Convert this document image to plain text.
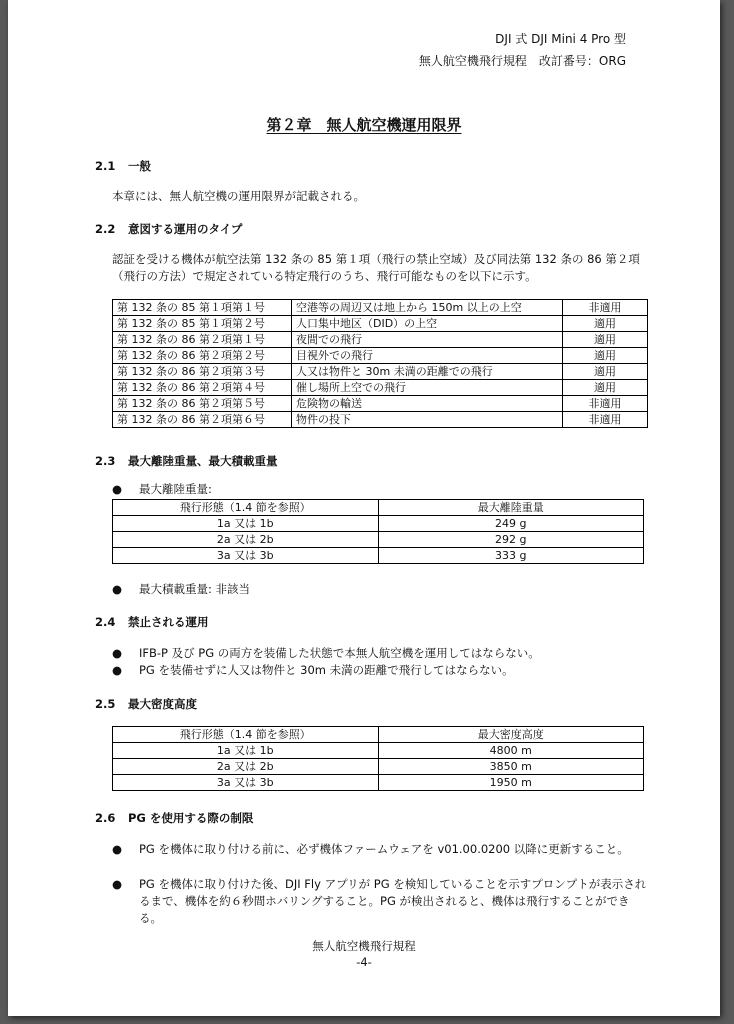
DJI 式 DJI Mini 4 Pro 型
無人航空機飛行規程　改訂番号：ORG
第２章　無人航空機運用限界
2.1 一般
本章には、無人航空機の運用限界が記載される。
2.2 意図する運用のタイプ
認証を受ける機体が航空法第 132 条の 85 第１項（飛行の禁止空域）及び同法第 132 条の 86 第２項（飛行の方法）で規定されている特定飛行のうち、飛行可能なものを以下に示す。
第 132 条の 85 第１項第１号	空港等の周辺又は地上から 150m 以上の上空	非適用
第 132 条の 85 第１項第２号	人口集中地区（DID）の上空	適用
第 132 条の 86 第２項第１号	夜間での飛行	適用
第 132 条の 86 第２項第２号	目視外での飛行	適用
第 132 条の 86 第２項第３号	人又は物件と 30m 未満の距離での飛行	適用
第 132 条の 86 第２項第４号	催し場所上空での飛行	適用
第 132 条の 86 第２項第５号	危険物の輸送	非適用
第 132 条の 86 第２項第６号	物件の投下	非適用
2.3 最大離陸重量、最大積載重量
●	最大離陸重量:
飛行形態（1.4 節を参照）	最大離陸重量
1a 又は 1b	249 g
2a 又は 2b	292 g
3a 又は 3b	333 g
●	最大積載重量: 非該当
2.4 禁止される運用
●	IFB-P 及び PG の両方を装備した状態で本無人航空機を運用してはならない。
●	PG を装備せずに人又は物件と 30m 未満の距離で飛行してはならない。
2.5 最大密度高度
飛行形態（1.4 節を参照）	最大密度高度
1a 又は 1b	4800 m
2a 又は 2b	3850 m
3a 又は 3b	1950 m
2.6 PG を使用する際の制限
●	PG を機体に取り付ける前に、必ず機体ファームウェアを v01.00.0200 以降に更新すること。
●	PG を機体に取り付けた後、DJI Fly アプリが PG を検知していることを示すプロンプトが表示されるまで、機体を約６秒間ホバリングすること。PG が検出されると、機体は飛行することができる。
無人航空機飛行規程
-4-
